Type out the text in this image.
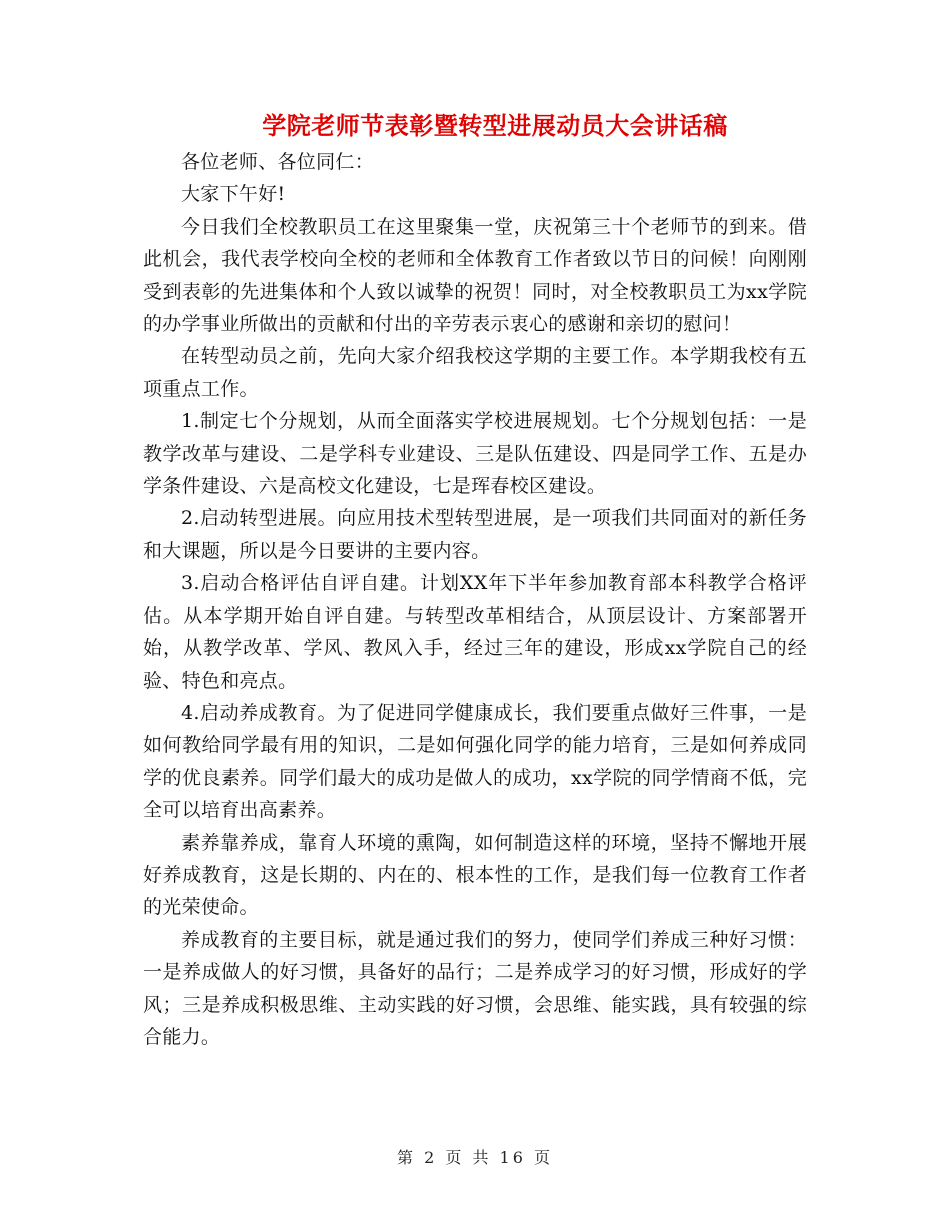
学院老师节表彰暨转型进展动员大会讲话稿

各位老师、各位同仁：

大家下午好!

今日我们全校教职员工在这里聚集一堂，庆祝第三十个老师节的到来。借此机会，我代表学校向全校的老师和全体教育工作者致以节日的问候！向刚刚受到表彰的先进集体和个人致以诚挚的祝贺！同时，对全校教职员工为xx学院的办学事业所做出的贡献和付出的辛劳表示衷心的感谢和亲切的慰问！

在转型动员之前，先向大家介绍我校这学期的主要工作。本学期我校有五项重点工作。

1.制定七个分规划，从而全面落实学校进展规划。七个分规划包括：一是教学改革与建设、二是学科专业建设、三是队伍建设、四是同学工作、五是办学条件建设、六是高校文化建设，七是珲春校区建设。

2.启动转型进展。向应用技术型转型进展，是一项我们共同面对的新任务和大课题，所以是今日要讲的主要内容。

3.启动合格评估自评自建。计划XX年下半年参加教育部本科教学合格评估。从本学期开始自评自建。与转型改革相结合，从顶层设计、方案部署开始，从教学改革、学风、教风入手，经过三年的建设，形成xx学院自己的经验、特色和亮点。

4.启动养成教育。为了促进同学健康成长，我们要重点做好三件事，一是如何教给同学最有用的知识，二是如何强化同学的能力培育，三是如何养成同学的优良素养。同学们最大的成功是做人的成功，xx学院的同学情商不低，完全可以培育出高素养。

素养靠养成，靠育人环境的熏陶，如何制造这样的环境，坚持不懈地开展好养成教育，这是长期的、内在的、根本性的工作，是我们每一位教育工作者的光荣使命。

养成教育的主要目标，就是通过我们的努力，使同学们养成三种好习惯：一是养成做人的好习惯，具备好的品行；二是养成学习的好习惯，形成好的学风；三是养成积极思维、主动实践的好习惯，会思维、能实践，具有较强的综合能力。

第 2 页 共 16 页
